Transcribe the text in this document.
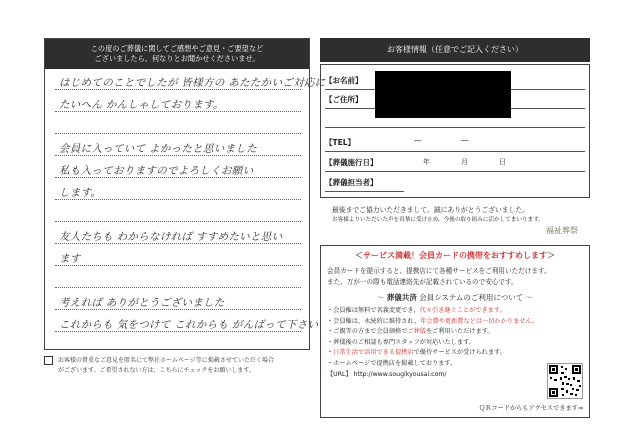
この度のご葬儀に関してご感想やご意見・ご要望など
ございましたら、何なりとお聞かせくださいませ。
はじめてのことでしたが 皆様方の あたたかいご対応に
たいへん かんしゃしております。
会員に入っていて よかったと思いました
私も入っておりますのでよろしくお願い
します。
友人たちも わからなければ すすめたいと思い
ます
考えれば ありがとうございました
これからも 気をつけて これからも がんばって下さい
お客様の貴重なご意見を匿名にて弊社ホームページ等に掲載させていただく場合
がございます。ご希望されない方は、こちらにチェックをお願いします。
お客様情報（任意でご記入ください）
【お名前】
【ご住所】
【TEL】	―	―
【葬儀施行日】	年	月	日
【葬儀担当者】
最後までご協力いただきまして、誠にありがとうございました。
お客様よりいただいた声を真摯に受け止め、今後の取り組みに活かしてまいります。
福祉葬祭
＜サービス満載！会員カードの携帯をおすすめします＞
会員カードを提示すると、提携店にて各種サービスをご利用いただけます。
また、万が一の際も電話連絡先が記載されているので安心です。
〜 葬儀共済 会員システムのご利用について 〜
・会員権は無料で名義変更でき、代々引き継ぐことができます。
・会員権は、永続的に維持され、年会費や更新費などは一切かかりません。
・ご親等の方まで会員価格でご葬儀をご利用いただけます。
・葬儀後のご相談も専門スタッフが対応いたします。
・日常生活で活用できる提携店で優待サービスが受けられます。
・ホームページで提携店を掲載しております。
【URL】 http://www.sougikyousai.com/
ＱＲコードからもアクセスできます⇒
